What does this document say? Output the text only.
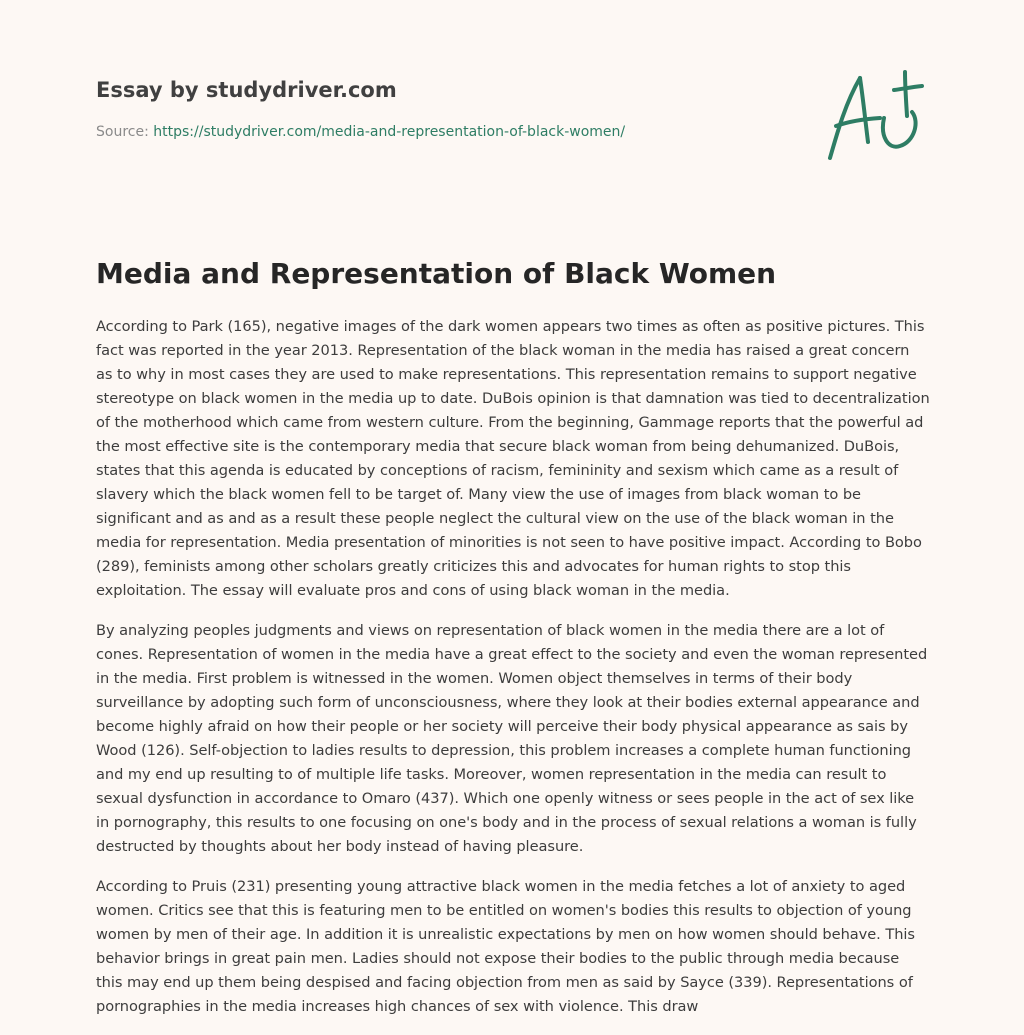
Essay by studydriver.com

Source: https://studydriver.com/media-and-representation-of-black-women/
Media and Representation of Black Women

According to Park (165), negative images of the dark women appears two times as often as positive pictures. This fact was reported in the year 2013. Representation of the black woman in the media has raised a great concern as to why in most cases they are used to make representations. This representation remains to support negative stereotype on black women in the media up to date. DuBois opinion is that damnation was tied to decentralization of the motherhood which came from western culture. From the beginning, Gammage reports that the powerful ad the most effective site is the contemporary media that secure black woman from being dehumanized. DuBois, states that this agenda is educated by conceptions of racism, femininity and sexism which came as a result of slavery which the black women fell to be target of. Many view the use of images from black woman to be significant and as and as a result these people neglect the cultural view on the use of the black woman in the media for representation. Media presentation of minorities is not seen to have positive impact. According to Bobo (289), feminists among other scholars greatly criticizes this and advocates for human rights to stop this exploitation. The essay will evaluate pros and cons of using black woman in the media.

By analyzing peoples judgments and views on representation of black women in the media there are a lot of cones. Representation of women in the media have a great effect to the society and even the woman represented in the media. First problem is witnessed in the women. Women object themselves in terms of their body surveillance by adopting such form of unconsciousness, where they look at their bodies external appearance and become highly afraid on how their people or her society will perceive their body physical appearance as sais by Wood (126). Self-objection to ladies results to depression, this problem increases a complete human functioning and my end up resulting to of multiple life tasks. Moreover, women representation in the media can result to sexual dysfunction in accordance to Omaro (437). Which one openly witness or sees people in the act of sex like in pornography, this results to one focusing on one's body and in the process of sexual relations a woman is fully destructed by thoughts about her body instead of having pleasure.

According to Pruis (231) presenting young attractive black women in the media fetches a lot of anxiety to aged women. Critics see that this is featuring men to be entitled on women's bodies this results to objection of young women by men of their age. In addition it is unrealistic expectations by men on how women should behave. This behavior brings in great pain men. Ladies should not expose their bodies to the public through media because this may end up them being despised and facing objection from men as said by Sayce (339). Representations of pornographies in the media increases high chances of sex with violence. This draw
